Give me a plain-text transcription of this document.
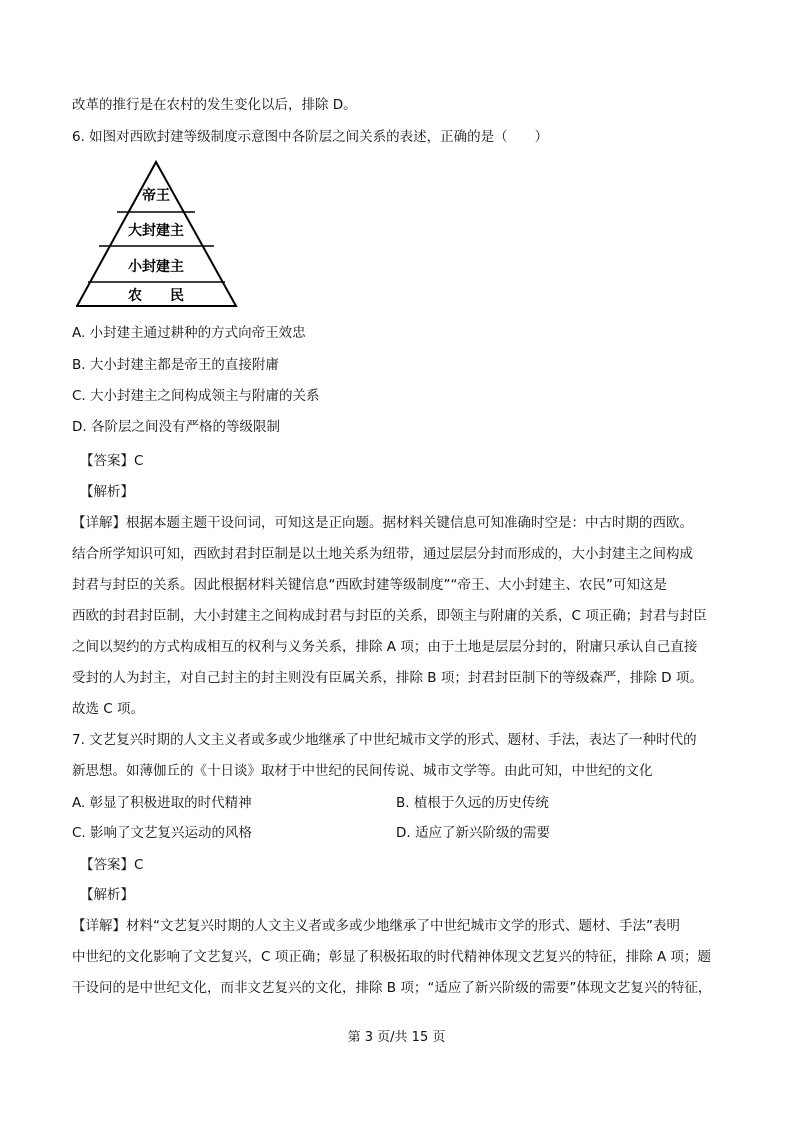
改革的推行是在农村的发生变化以后，排除 D。
6. 如图对西欧封建等级制度示意图中各阶层之间关系的表述，正确的是（　　）
帝王
大封建主
小封建主
农　　民
A. 小封建主通过耕种的方式向帝王效忠
B. 大小封建主都是帝王的直接附庸
C. 大小封建主之间构成领主与附庸的关系
D. 各阶层之间没有严格的等级限制
【答案】C
【解析】
【详解】根据本题主题干设问词，可知这是正向题。据材料关键信息可知准确时空是：中古时期的西欧。
结合所学知识可知，西欧封君封臣制是以土地关系为纽带，通过层层分封而形成的，大小封建主之间构成
封君与封臣的关系。因此根据材料关键信息“西欧封建等级制度”“帝王、大小封建主、农民”可知这是
西欧的封君封臣制，大小封建主之间构成封君与封臣的关系，即领主与附庸的关系，C 项正确；封君与封臣
之间以契约的方式构成相互的权利与义务关系，排除 A 项；由于土地是层层分封的，附庸只承认自己直接
受封的人为封主，对自己封主的封主则没有臣属关系，排除 B 项；封君封臣制下的等级森严，排除 D 项。
故选 C 项。
7. 文艺复兴时期的人文主义者或多或少地继承了中世纪城市文学的形式、题材、手法，表达了一种时代的
新思想。如薄伽丘的《十日谈》取材于中世纪的民间传说、城市文学等。由此可知，中世纪的文化
A. 彰显了积极进取的时代精神	B. 植根于久远的历史传统
C. 影响了文艺复兴运动的风格	D. 适应了新兴阶级的需要
【答案】C
【解析】
【详解】材料“文艺复兴时期的人文主义者或多或少地继承了中世纪城市文学的形式、题材、手法”表明
中世纪的文化影响了文艺复兴，C 项正确；彰显了积极拓取的时代精神体现文艺复兴的特征，排除 A 项；题
干设问的是中世纪文化，而非文艺复兴的文化，排除 B 项；“适应了新兴阶级的需要”体现文艺复兴的特征，
第 3 页/共 15 页
